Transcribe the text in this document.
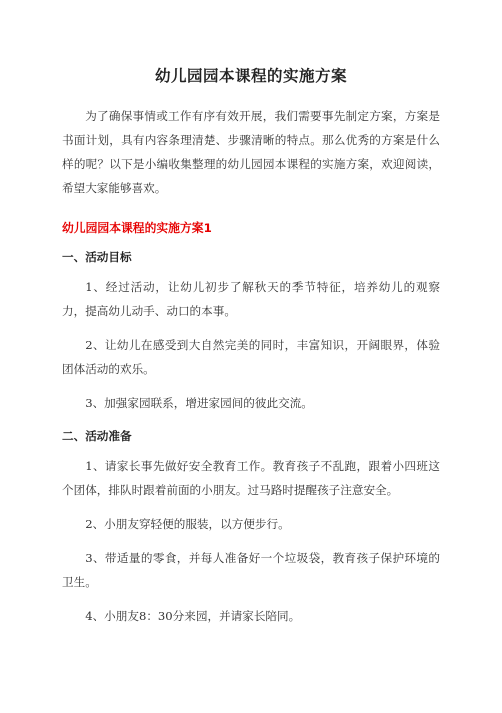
幼儿园园本课程的实施方案

为了确保事情或工作有序有效开展，我们需要事先制定方案，方案是书面计划，具有内容条理清楚、步骤清晰的特点。那么优秀的方案是什么样的呢？以下是小编收集整理的幼儿园园本课程的实施方案，欢迎阅读，希望大家能够喜欢。

幼儿园园本课程的实施方案1
一、活动目标

1、经过活动，让幼儿初步了解秋天的季节特征，培养幼儿的观察力，提高幼儿动手、动口的本事。

2、让幼儿在感受到大自然完美的同时，丰富知识，开阔眼界，体验团体活动的欢乐。

3、加强家园联系，增进家园间的彼此交流。

二、活动准备

1、请家长事先做好安全教育工作。教育孩子不乱跑，跟着小四班这个团体，排队时跟着前面的小朋友。过马路时提醒孩子注意安全。

2、小朋友穿轻便的服装，以方便步行。

3、带适量的零食，并每人准备好一个垃圾袋，教育孩子保护环境的卫生。

4、小朋友8：30分来园，并请家长陪同。
